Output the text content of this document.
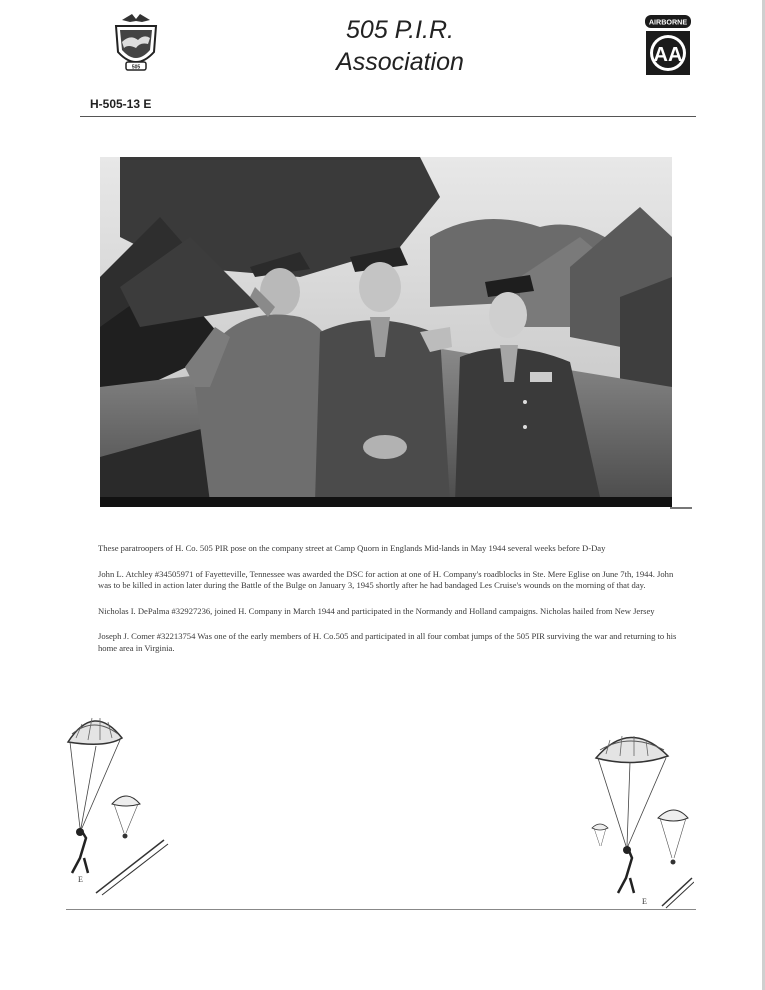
505
505 P.I.R.
Association
AIRBORNE
AA
H-505-13 E

These paratroopers of H. Co. 505 PIR pose on the company street at Camp Quorn in Englands Mid-lands in May 1944 several weeks before D-Day

John L. Atchley #34505971 of Fayetteville, Tennessee was awarded the DSC for action at one of H. Company's roadblocks in Ste. Mere Eglise on June 7th, 1944. John was to be killed in action later during the Battle of the Bulge on January 3, 1945 shortly after he had bandaged Les Cruise's wounds on the morning of that day.

Nicholas I. DePalma #32927236, joined H. Company in March 1944 and participated in the Normandy and Holland campaigns. Nicholas hailed from New Jersey

Joseph J. Comer #32213754 Was one of the early members of H. Co.505 and participated in all four combat jumps of the 505 PIR surviving the war and returning to his home area in Virginia.

E
E
